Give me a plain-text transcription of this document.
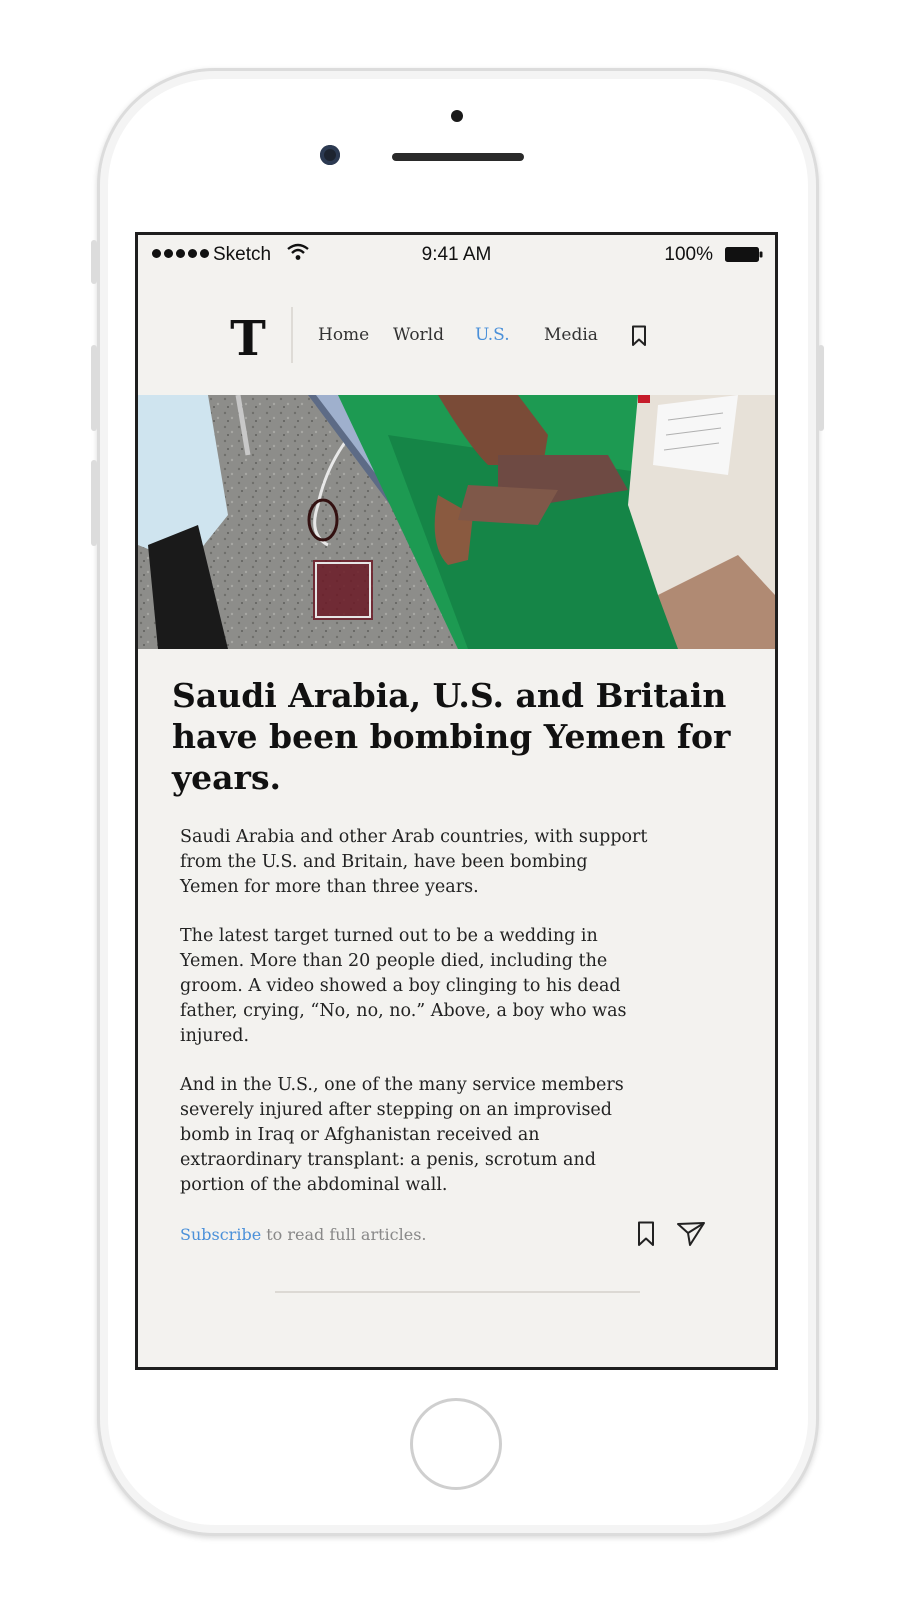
Sketch	9:41 AM	100%
T	Home World U.S. Media
Saudi Arabia, U.S. and Britain have been bombing Yemen for years.

Saudi Arabia and other Arab countries, with support from the U.S. and Britain, have been bombing Yemen for more than three years.

The latest target turned out to be a wedding in Yemen. More than 20 people died, including the groom. A video showed a boy clinging to his dead father, crying, “No, no, no.” Above, a boy who was injured.

And in the U.S., one of the many service members severely injured after stepping on an improvised bomb in Iraq or Afghanistan received an extraordinary transplant: a penis, scrotum and portion of the abdominal wall.

Subscribe to read full articles.
